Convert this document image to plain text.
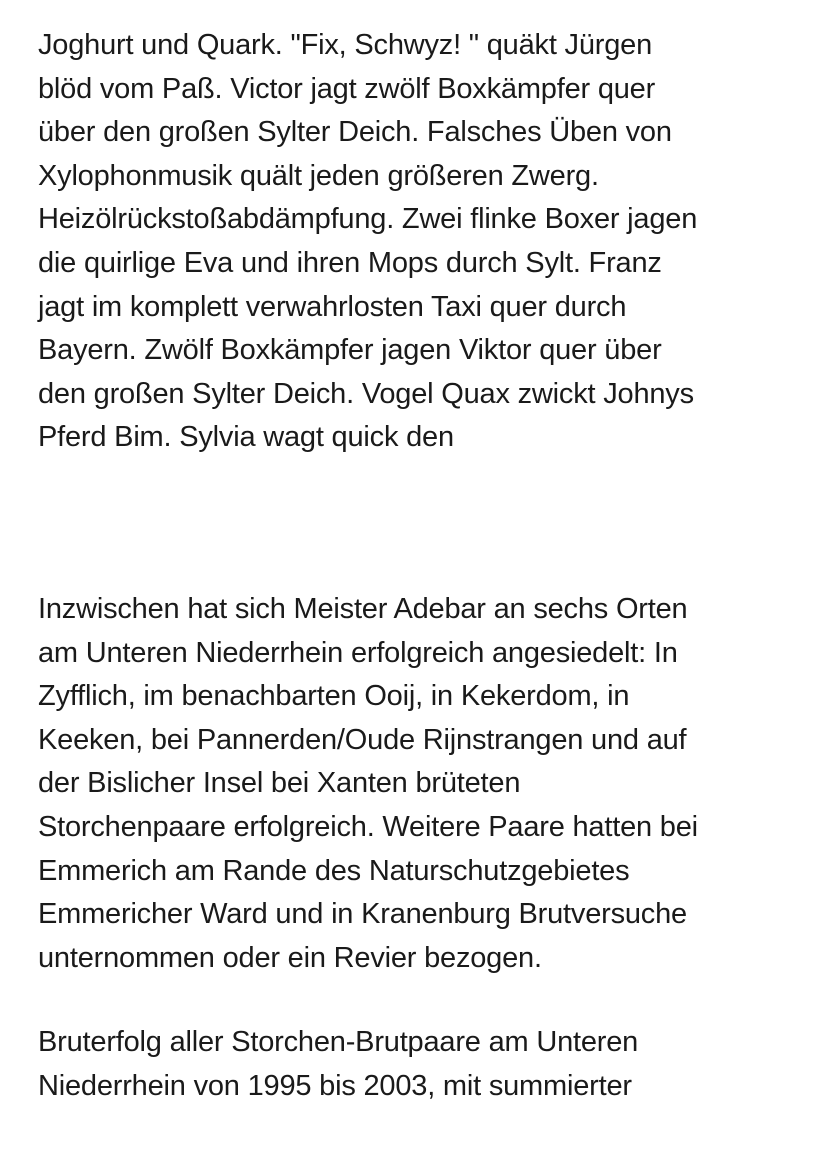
Joghurt und Quark. "Fix, Schwyz! " quäkt Jürgen
blöd vom Paß. Victor jagt zwölf Boxkämpfer quer
über den großen Sylter Deich. Falsches Üben von
Xylophonmusik quält jeden größeren Zwerg.
Heizölrückstoßabdämpfung. Zwei flinke Boxer jagen
die quirlige Eva und ihren Mops durch Sylt. Franz
jagt im komplett verwahrlosten Taxi quer durch
Bayern. Zwölf Boxkämpfer jagen Viktor quer über
den großen Sylter Deich. Vogel Quax zwickt Johnys
Pferd Bim. Sylvia wagt quick den

Inzwischen hat sich Meister Adebar an sechs Orten
am Unteren Niederrhein erfolgreich angesiedelt: In
Zyfflich, im benachbarten Ooij, in Kekerdom, in
Keeken, bei Pannerden/Oude Rijnstrangen und auf
der Bislicher Insel bei Xanten brüteten
Storchenpaare erfolgreich. Weitere Paare hatten bei
Emmerich am Rande des Naturschutzgebietes
Emmericher Ward und in Kranenburg Brutversuche
unternommen oder ein Revier bezogen.

Bruterfolg aller Storchen-Brutpaare am Unteren
Niederrhein von 1995 bis 2003, mit summierter
